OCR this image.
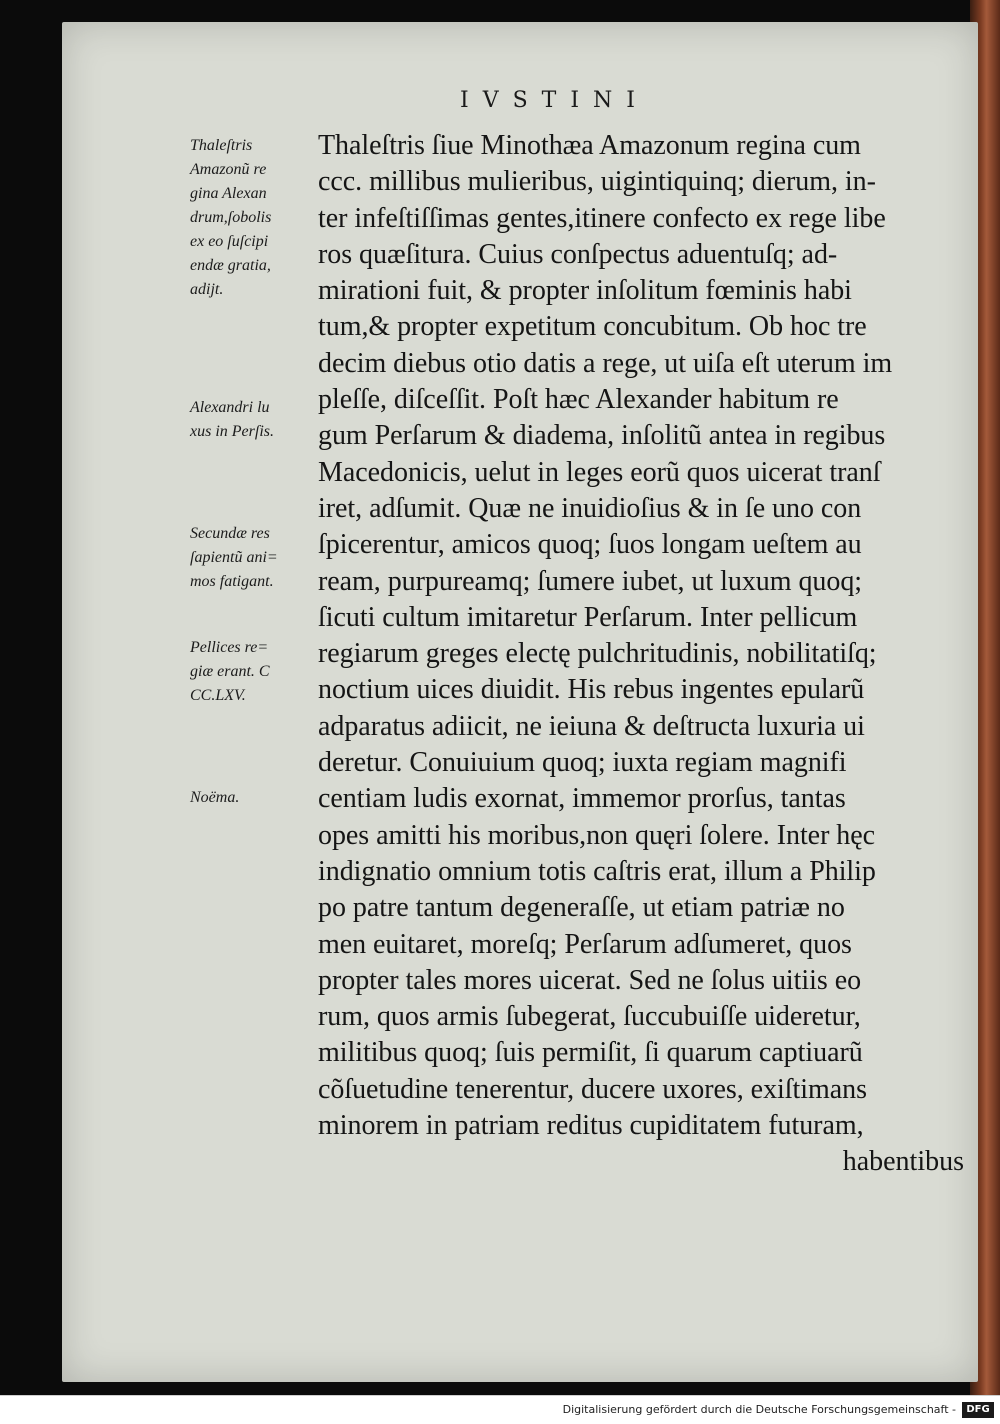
IVSTINI
Thaleſtris
Amazonũ re
gina Alexan
drum,ſobolis
ex eo ſuſcipi
endæ gratia,
adijt.
Alexandri lu
xus in Perſis.
Secundæ res
ſapientũ ani=
mos fatigant.
Pellices re=
giæ erant. C
CC.LXV.
Noëma.
Thaleſtris ſiue Minothæa Amazonum regina cum
ccc. millibus mulieribus, uigintiquinq; dierum, in-
ter infeſtiſſimas gentes,itinere confecto ex rege libe
ros quæſitura. Cuius conſpectus aduentuſq; ad-
mirationi fuit, & propter inſolitum fœminis habi
tum,& propter expetitum concubitum. Ob hoc tre
decim diebus otio datis a rege, ut uiſa eſt uterum im
pleſſe, diſceſſit. Poſt hæc Alexander habitum re
gum Perſarum & diadema, inſolitũ antea in regibus
Macedonicis, uelut in leges eorũ quos uicerat tranſ
iret, adſumit. Quæ ne inuidioſius & in ſe uno con
ſpicerentur, amicos quoq; ſuos longam ueſtem au
ream, purpureamq; ſumere iubet, ut luxum quoq;
ſicuti cultum imitaretur Perſarum. Inter pellicum
regiarum greges electę pulchritudinis, nobilitatiſq;
noctium uices diuidit. His rebus ingentes epularũ
adparatus adiicit, ne ieiuna & deſtructa luxuria ui
deretur. Conuiuium quoq; iuxta regiam magnifi
centiam ludis exornat, immemor prorſus, tantas
opes amitti his moribus,non quęri ſolere. Inter hęc
indignatio omnium totis caſtris erat, illum a Philip
po patre tantum degeneraſſe, ut etiam patriæ no
men euitaret, moreſq; Perſarum adſumeret, quos
propter tales mores uicerat. Sed ne ſolus uitiis eo
rum, quos armis ſubegerat, ſuccubuiſſe uideretur,
militibus quoq; ſuis permiſit, ſi quarum captiuarũ
cõſuetudine tenerentur, ducere uxores, exiſtimans
minorem in patriam reditus cupiditatem futuram,
habentibus
Digitalisierung gefördert durch die Deutsche Forschungsgemeinschaft -	DFG
